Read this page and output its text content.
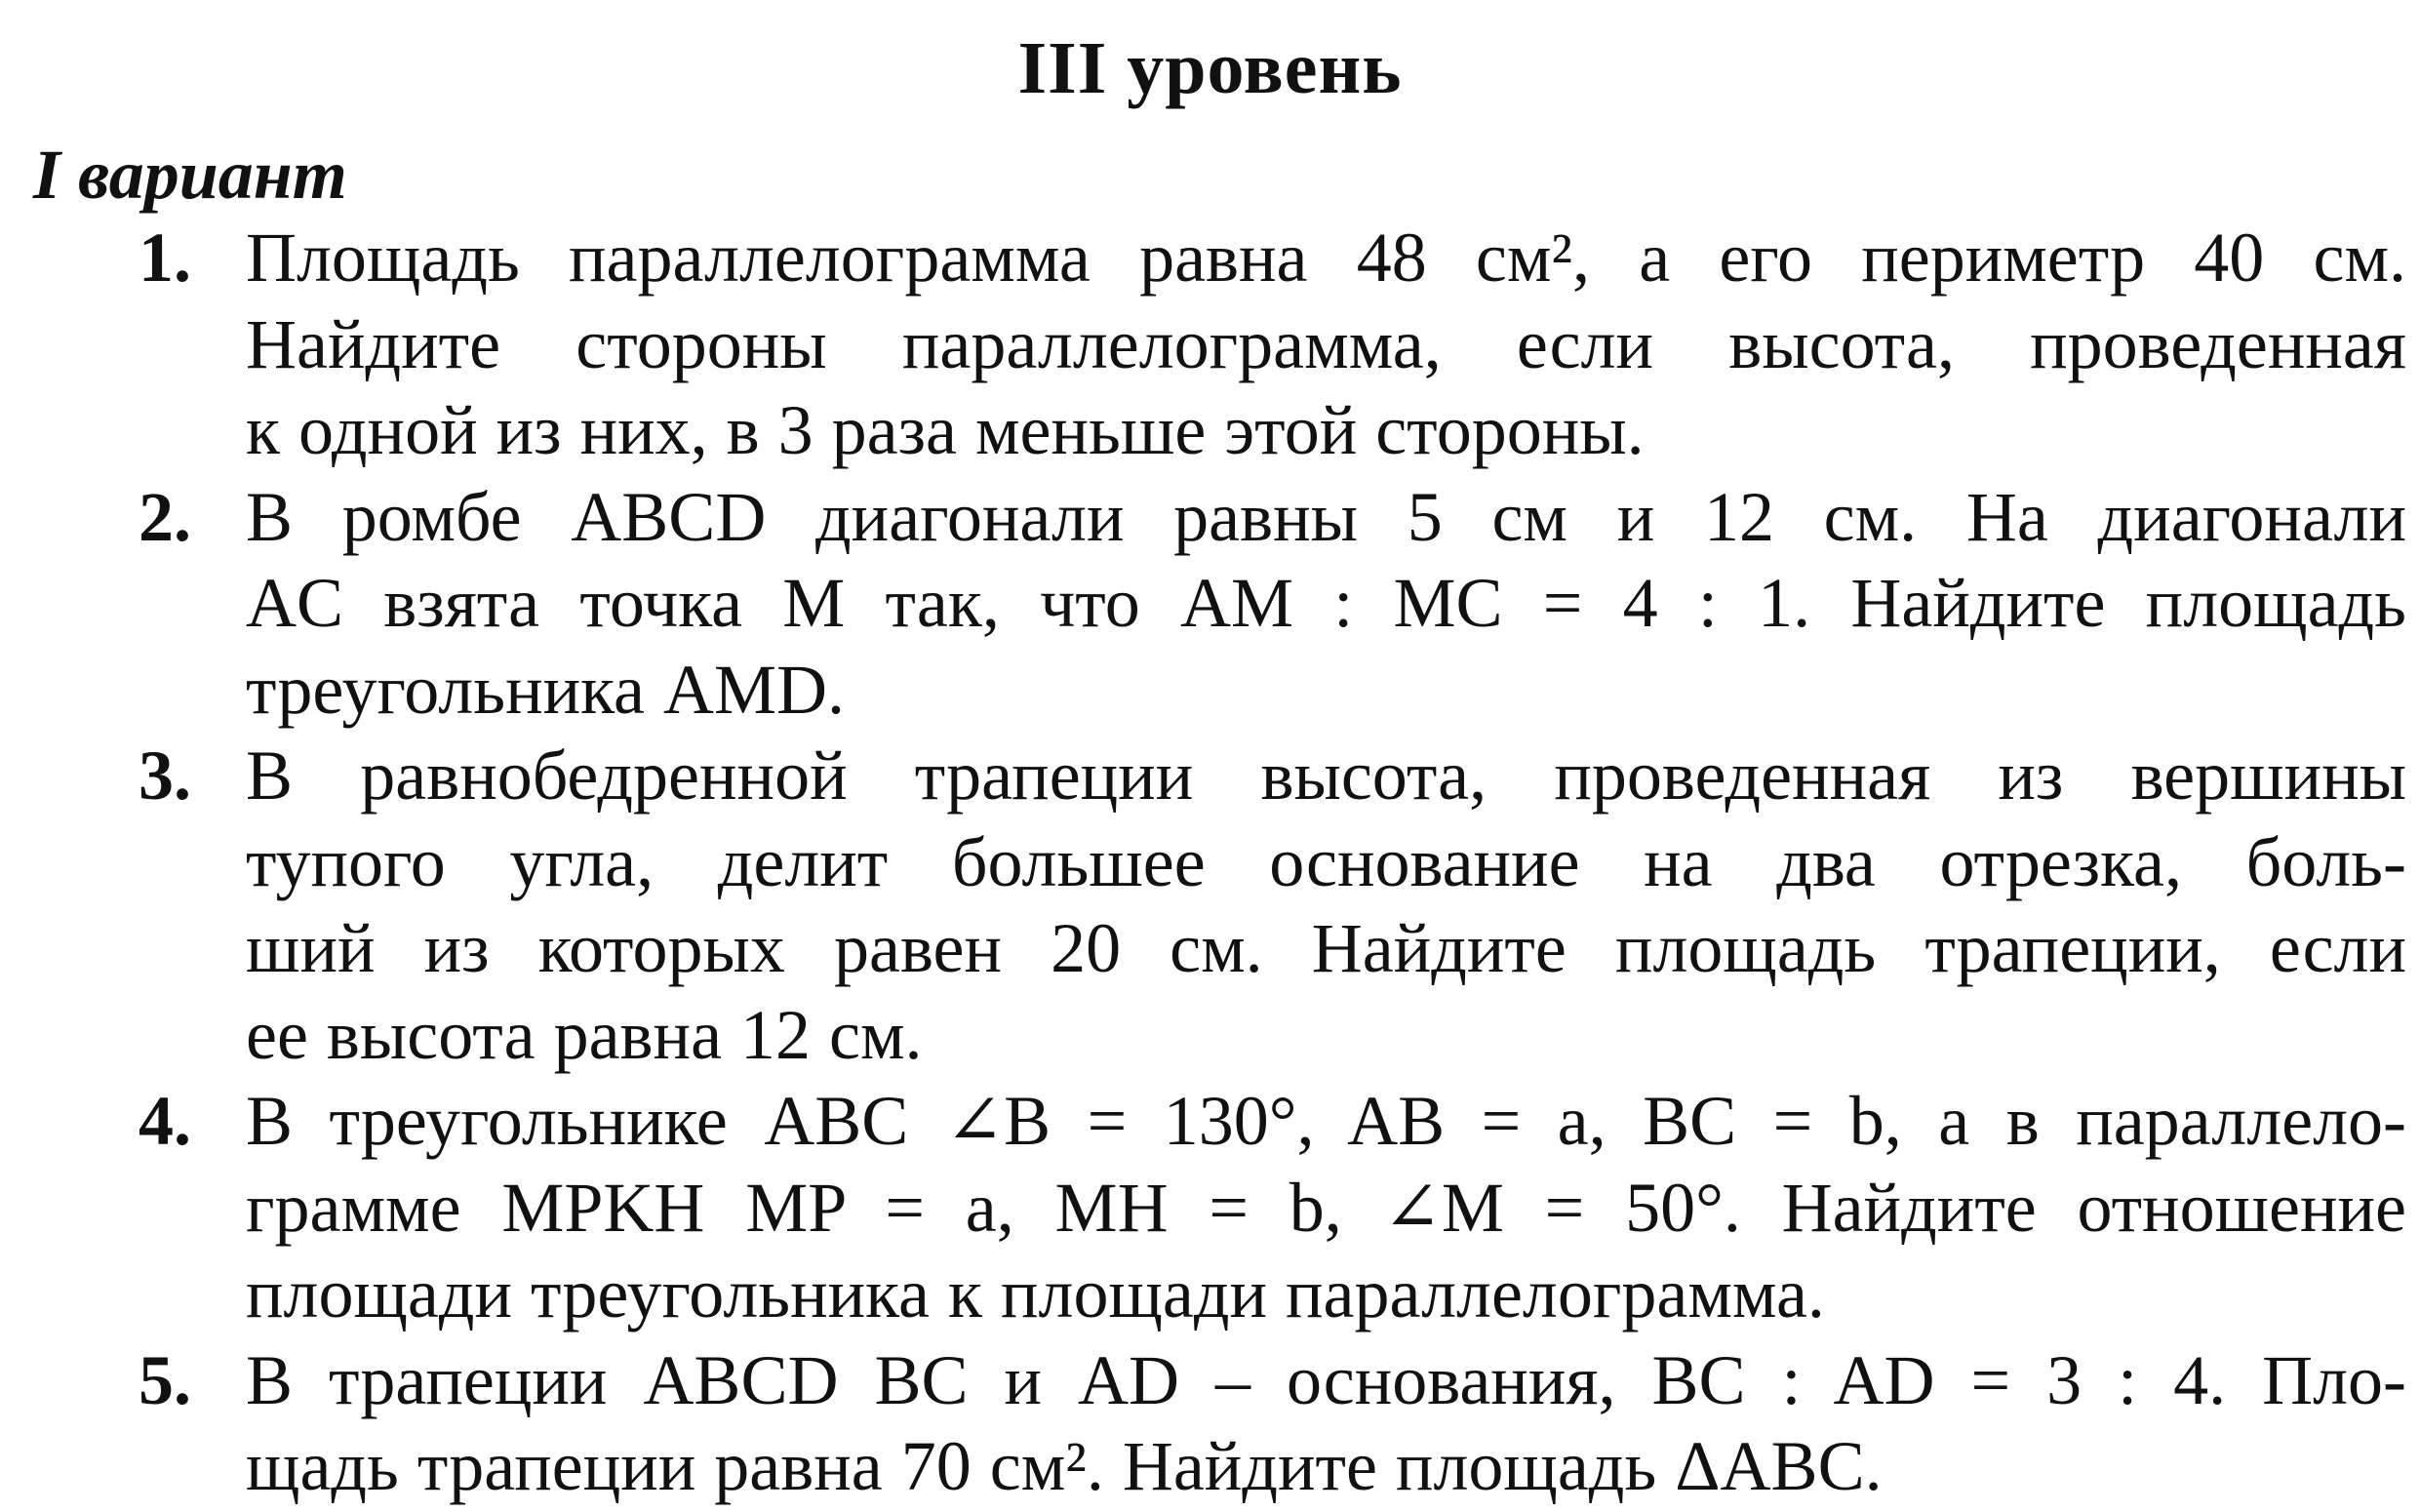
III уровень
I вариант
1. Площадь параллелограмма равна 48 см², а его периметр 40 см.
Найдите стороны параллелограмма, если высота, проведенная
к одной из них, в 3 раза меньше этой стороны.
2. В ромбе ABCD диагонали равны 5 см и 12 см. На диагонали
AC взята точка M так, что AM : MC = 4 : 1. Найдите площадь
треугольника AMD.
3. В равнобедренной трапеции высота, проведенная из вершины
тупого угла, делит большее основание на два отрезка, боль-
ший из которых равен 20 см. Найдите площадь трапеции, если
ее высота равна 12 см.
4. В треугольнике ABC ∠B = 130°, AB = a, BC = b, а в параллело-
грамме MPKH MP = a, MH = b, ∠M = 50°. Найдите отношение
площади треугольника к площади параллелограмма.
5. В трапеции ABCD BC и AD – основания, BC : AD = 3 : 4. Пло-
щадь трапеции равна 70 см². Найдите площадь ΔABC.
